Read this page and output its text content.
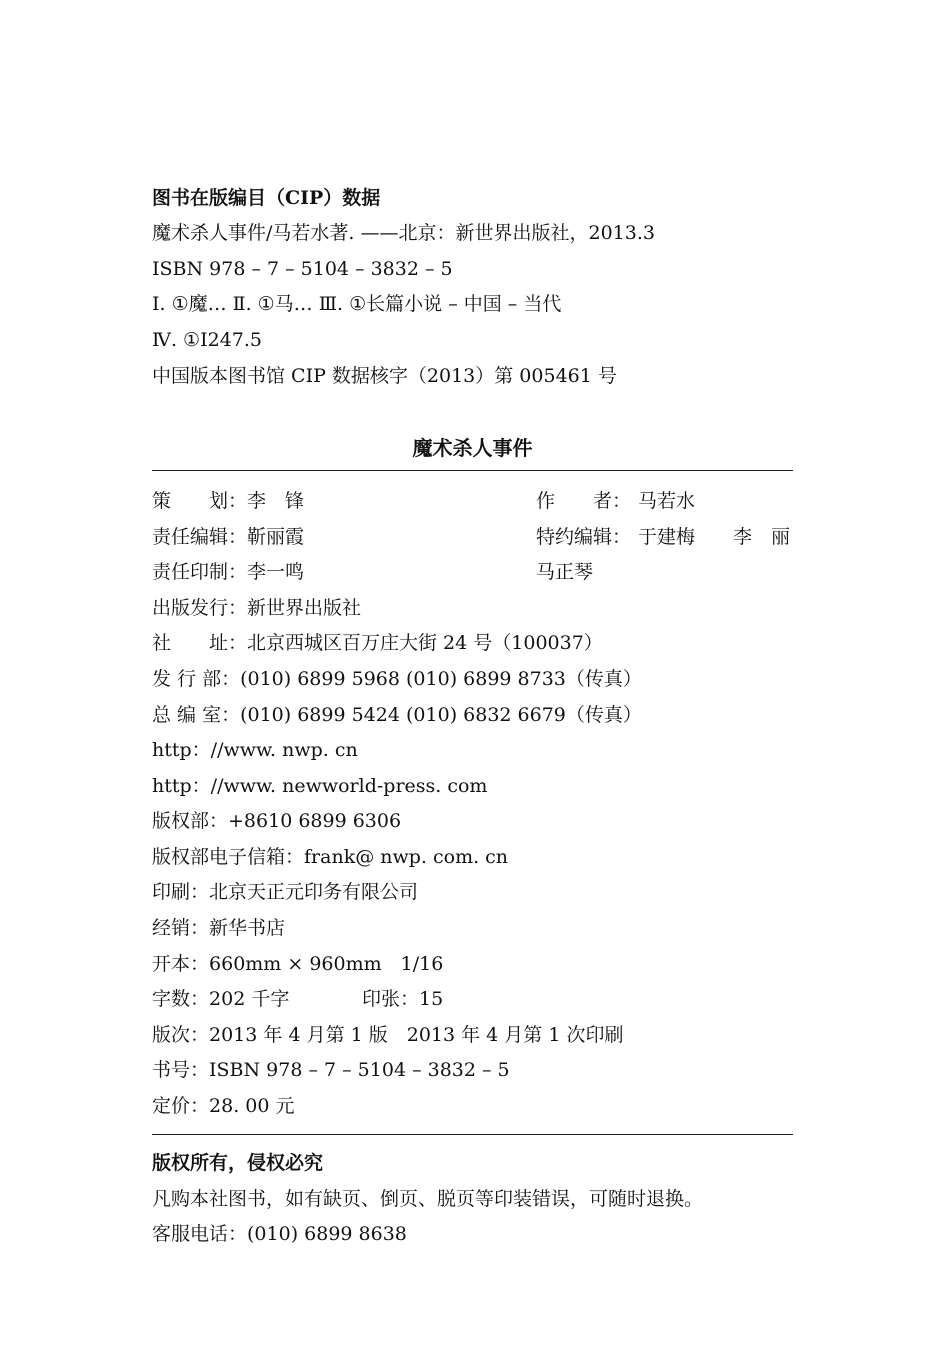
图书在版编目（CIP）数据
魔术杀人事件/马若水著. ——北京：新世界出版社，2013.3
ISBN 978 – 7 – 5104 – 3832 – 5
Ⅰ. ①魔… Ⅱ. ①马… Ⅲ. ①长篇小说 – 中国 – 当代
Ⅳ. ①I247.5
中国版本图书馆 CIP 数据核字（2013）第 005461 号
魔术杀人事件
策　　划：李　锋	作　　者： 马若水
责任编辑：靳丽霞	特约编辑： 于建梅　　李　丽
责任印制：李一鸣	马正琴
出版发行：新世界出版社
社　　址：北京西城区百万庄大街 24 号（100037）
发 行 部：(010) 6899 5968 (010) 6899 8733（传真）
总 编 室：(010) 6899 5424 (010) 6832 6679（传真）
http：//www. nwp. cn
http：//www. newworld-press. com
版权部：+8610 6899 6306
版权部电子信箱：frank@ nwp. com. cn
印刷：北京天正元印务有限公司
经销：新华书店
开本：660mm × 960mm　1/16
字数：202 千字	印张： 15
版次：2013 年 4 月第 1 版　2013 年 4 月第 1 次印刷
书号：ISBN 978 – 7 – 5104 – 3832 – 5
定价：28. 00 元
版权所有，侵权必究
凡购本社图书，如有缺页、倒页、脱页等印装错误，可随时退换。
客服电话：(010) 6899 8638
